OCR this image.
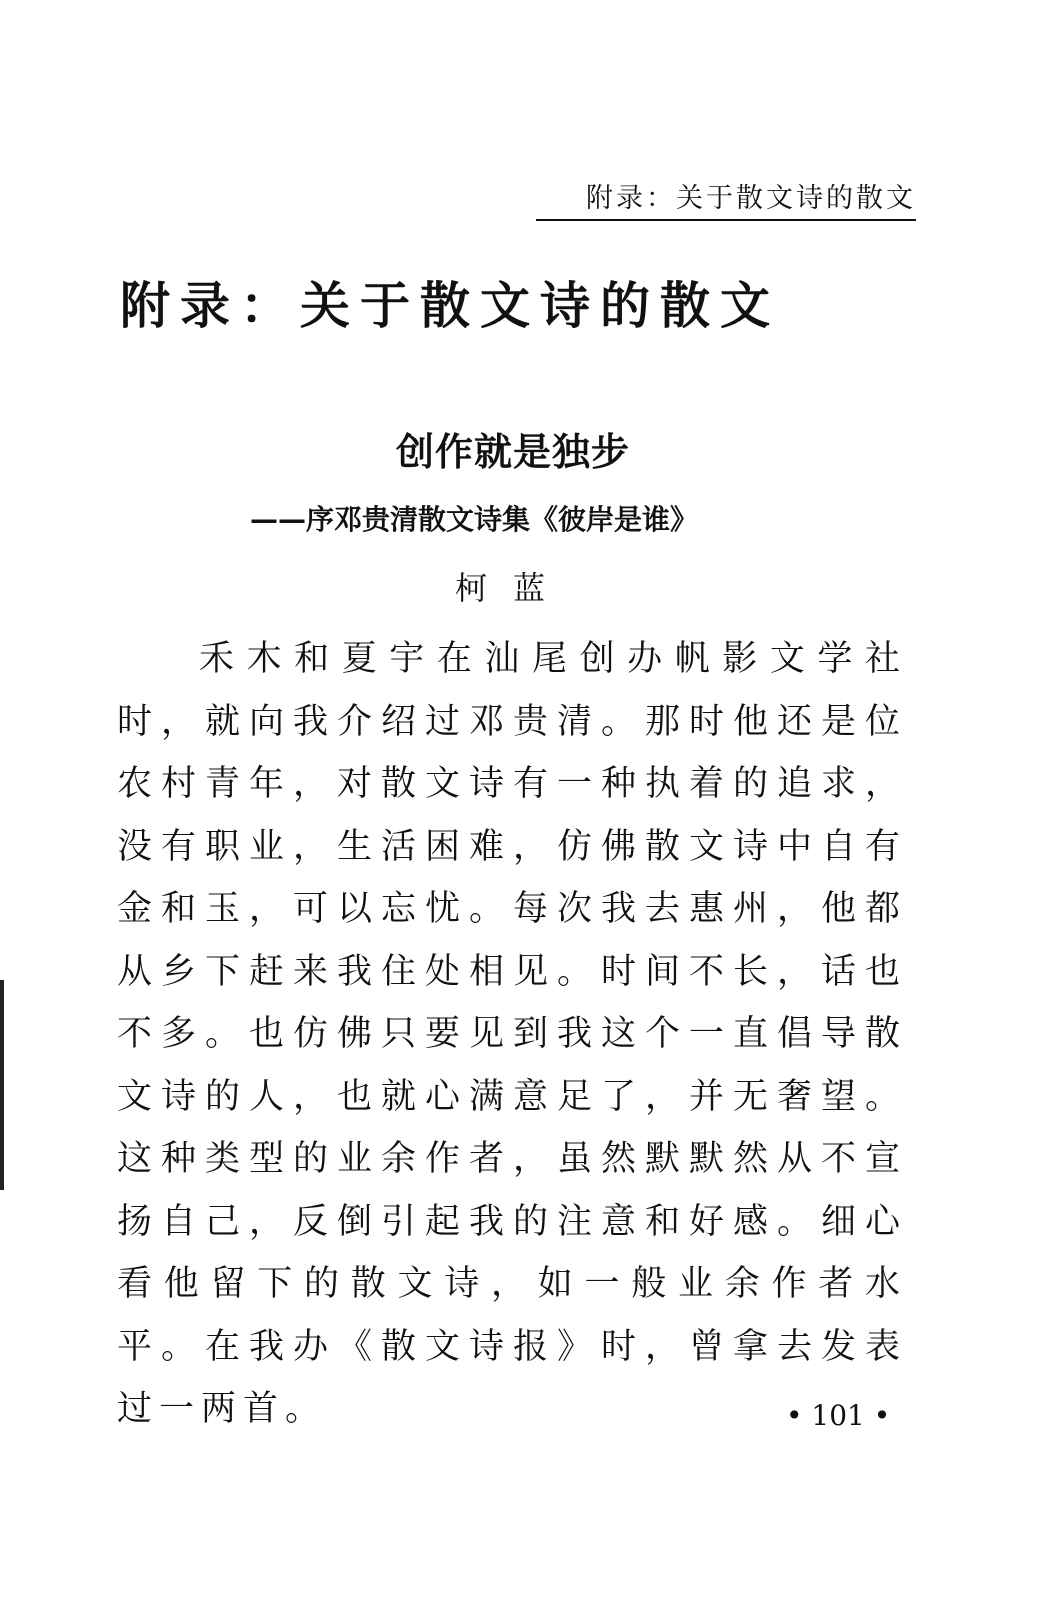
附录：关于散文诗的散文
附录：关于散文诗的散文
创作就是独步
——序邓贵清散文诗集《彼岸是谁》
柯蓝

禾木和夏宇在汕尾创办帆影文学社时，就向我介绍过邓贵清。那时他还是位农村青年，对散文诗有一种执着的追求，没有职业，生活困难，仿佛散文诗中自有金和玉，可以忘忧。每次我去惠州，他都从乡下赶来我住处相见。时间不长，话也不多。也仿佛只要见到我这个一直倡导散文诗的人，也就心满意足了，并无奢望。这种类型的业余作者，虽然默默然从不宣扬自己，反倒引起我的注意和好感。细心看他留下的散文诗，如一般业余作者水平。在我办《散文诗报》时，曾拿去发表过一两首。	• 101 •
